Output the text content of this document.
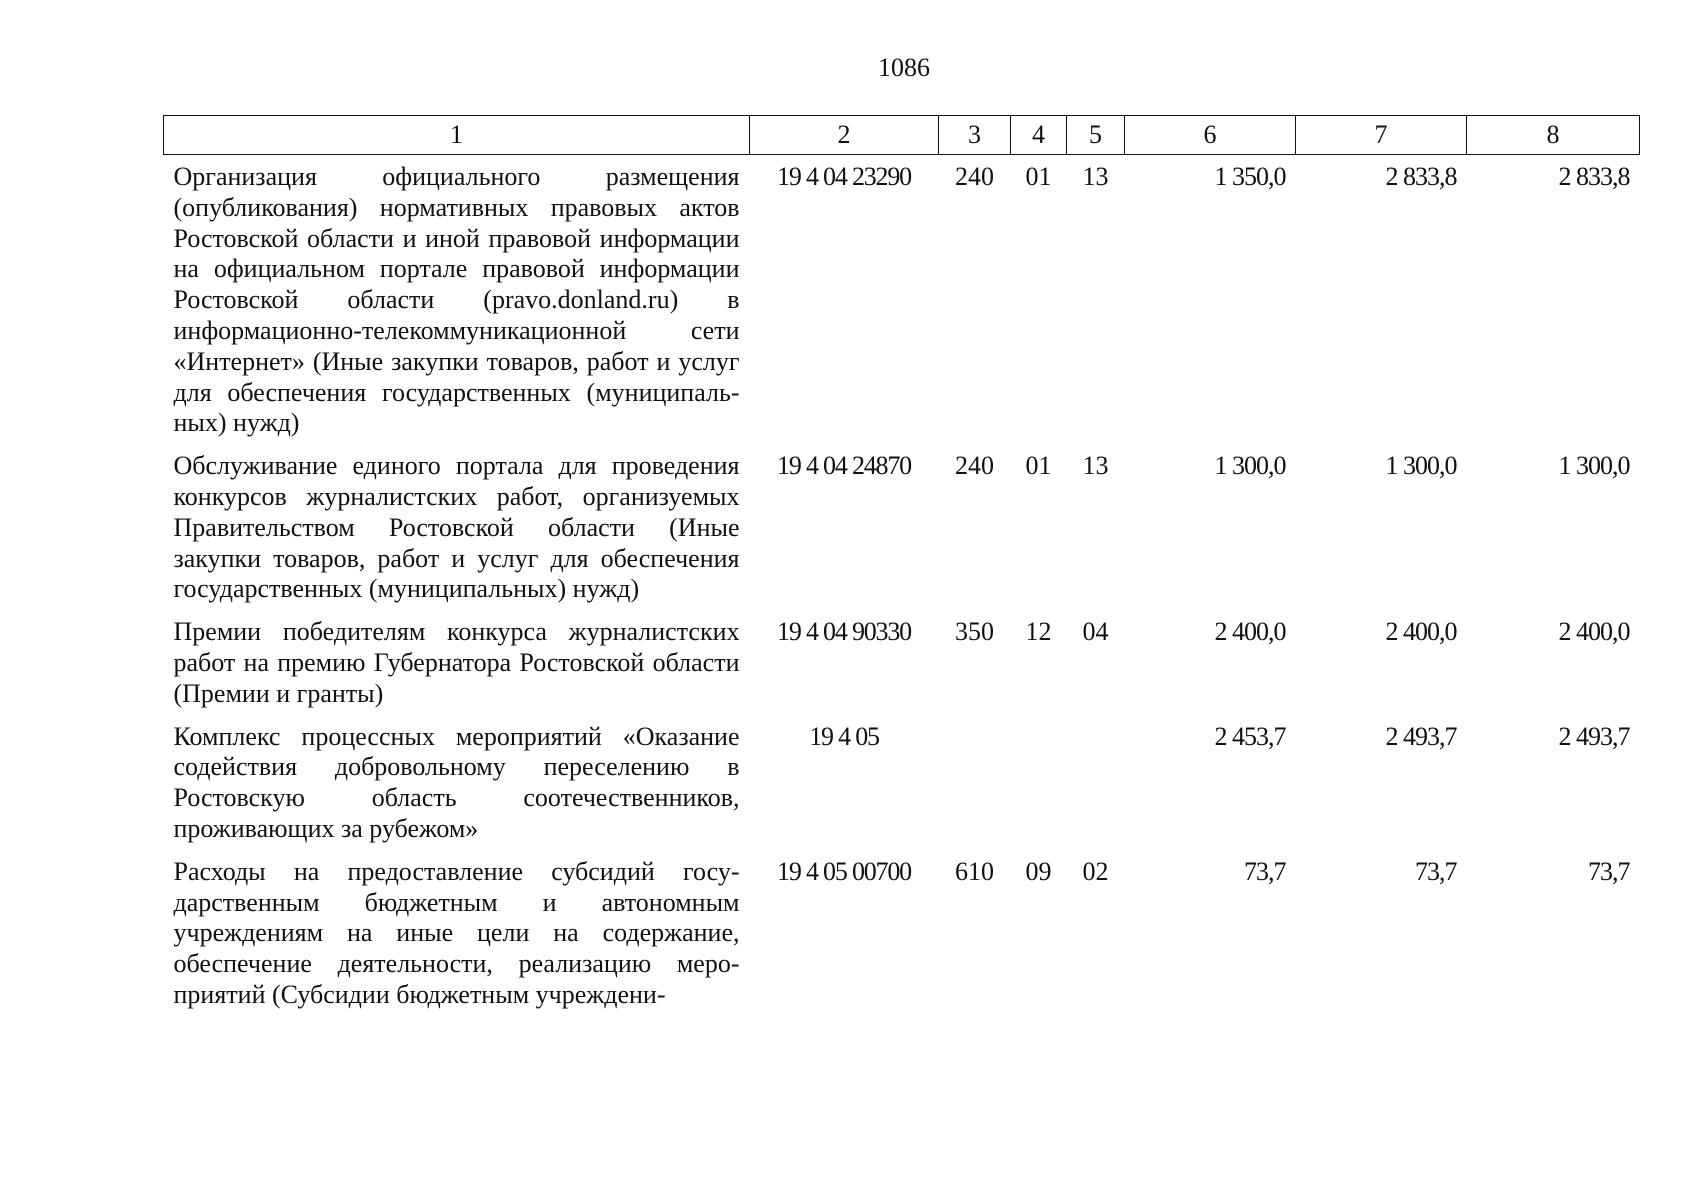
1086
1	2	3	4	5	6	7	8
Организация официального размещения (опубликования) нормативных правовых актов Ростовской области и иной правовой информации на официальном портале правовой информации Ростовской области (pravo.donland.ru) в информационно-телекоммуникационной сети «Интернет» (Иные закупки товаров, работ и услуг для обеспечения государственных (муниципальных) нужд)	19 4 04 23290	240	01	13	1 350,0	2 833,8	2 833,8
Обслуживание единого портала для проведения конкурсов журналистских работ, организуемых Правительством Ростовской области (Иные закупки товаров, работ и услуг для обеспечения государственных (муниципальных) нужд)	19 4 04 24870	240	01	13	1 300,0	1 300,0	1 300,0
Премии победителям конкурса журналистских работ на премию Губернатора Ростовской области (Премии и гранты)	19 4 04 90330	350	12	04	2 400,0	2 400,0	2 400,0
Комплекс процессных мероприятий «Оказание содействия добровольному переселению в Ростовскую область соотечественников, проживающих за рубежом»	19 4 05				2 453,7	2 493,7	2 493,7
Расходы на предоставление субсидий государственным бюджетным и автономным учреждениям на иные цели на содержание, обеспечение деятельности, реализацию мероприятий (Субсидии бюджетным учреждени-	19 4 05 00700	610	09	02	73,7	73,7	73,7
